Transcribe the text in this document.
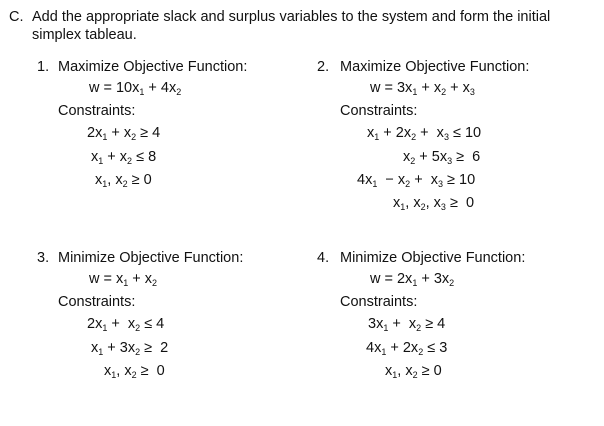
C. Add the appropriate slack and surplus variables to the system and form the initial
simplex tableau.
1. Maximize Objective Function:
$w = 10x_1 + 4x_2$
Constraints:
$2x_1 + x_2 \ge 4$
$x_1 + x_2 \le 8$
$x_1$, $x_2 \ge 0$
2. Maximize Objective Function:
$w = 3x_1 + x_2 + x_3$
Constraints:
$x_1 + 2x_2 + x_3 \le 10$
$x_2 + 5x_3 \ge 6$
$4x_1 - x_2 + x_3 \ge 10$
$x_1$, $x_2$, $x_3 \ge 0$
3. Minimize Objective Function:
$w = x_1 + x_2$
Constraints:
$2x_1 + x_2 \le 4$
$x_1 + 3x_2 \ge 2$
$x_1$, $x_2 \ge 0$
4. Minimize Objective Function:
$w = 2x_1 + 3x_2$
Constraints:
$3x_1 + x_2 \ge 4$
$4x_1 + 2x_2 \le 3$
$x_1$, $x_2 \ge 0$
